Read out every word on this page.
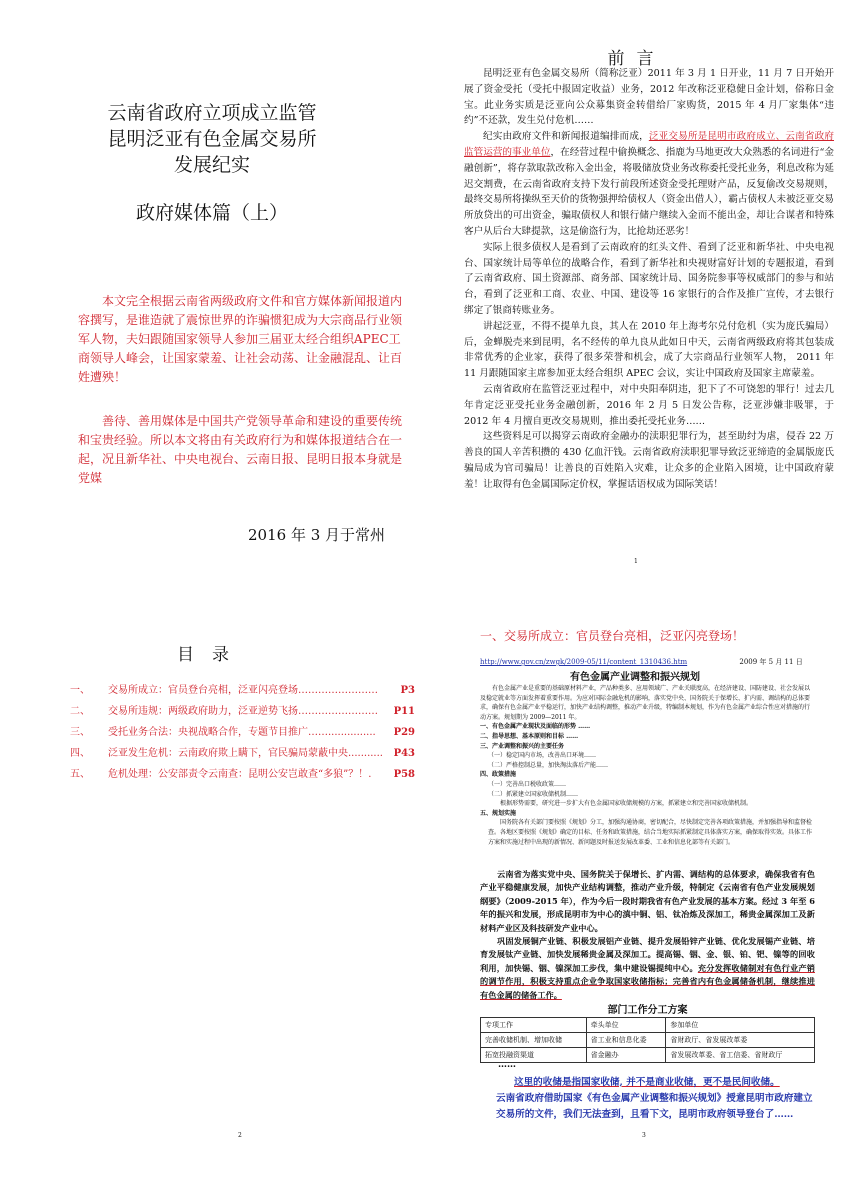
云南省政府立项成立监管
昆明泛亚有色金属交易所
发展纪实
政府媒体篇（上）
本文完全根据云南省两级政府文件和官方媒体新闻报道内容撰写，是谁造就了震惊世界的诈骗惯犯成为大宗商品行业领军人物，夫妇跟随国家领导人参加三届亚太经合组织APEC工商领导人峰会，让国家蒙羞、让社会动荡、让金融混乱、让百姓遭殃！
善待、善用媒体是中国共产党领导革命和建设的重要传统和宝贵经验。所以本文将由有关政府行为和媒体报道结合在一起，况且新华社、中央电视台、云南日报、昆明日报本身就是党媒
2016 年 3 月于常州
前言

昆明泛亚有色金属交易所（简称泛亚）2011 年 3 月 1 日开业，11 月 7 日开始开展了资金受托（受托中报固定收益）业务，2012 年改称泛亚稳健日金计划，俗称日金宝。此业务实质是泛亚向公众募集资金转借给厂家购货，2015 年 4 月厂家集体“违约”不还款，发生兑付危机……

纪实由政府文件和新闻报道编排而成，泛亚交易所是昆明市政府成立、云南省政府监管运营的事业单位，在经营过程中偷换概念、指鹿为马地更改大众熟悉的名词进行“金融创新”，将存款取款改称入金出金，将吸储放贷业务改称委托受托业务，利息改称为延迟交割费，在云南省政府支持下发行前段所述资金受托理财产品，反复偷改交易规则，最终交易所将操纵至天价的货物强押给债权人（资金出借人），霸占债权人未被泛亚交易所放贷出的可出资金，骗取债权人和银行储户继续入金而不能出金，却让合谋者和特殊客户从后台大肆提款，这是偷盗行为，比抢劫还恶劣！

实际上很多债权人是看到了云南政府的红头文件、看到了泛亚和新华社、中央电视台、国家统计局等单位的战略合作，看到了新华社和央视财富好计划的专题报道，看到了云南省政府、国土资源部、商务部、国家统计局、国务院参事等权威部门的参与和站台，看到了泛亚和工商、农业、中国、建设等 16 家银行的合作及推广宣传，才去银行绑定了银商转账业务。

讲起泛亚，不得不提单九良，其人在 2010 年上海考尔兑付危机（实为庞氏骗局）后，金蝉脱壳来到昆明，名不经传的单九良从此如日中天，云南省两级政府将其包装成非常优秀的企业家，获得了很多荣誉和机会，成了大宗商品行业领军人物， 2011 年 11 月跟随国家主席参加亚太经合组织 APEC 会议，实让中国政府及国家主席蒙羞。

云南省政府在监管泛亚过程中，对中央阳奉阴违，犯下了不可饶恕的罪行！过去几年肯定泛亚受托业务金融创新，2016 年 2 月 5 日发公告称，泛亚涉嫌非吸罪，于 2012 年 4 月擅自更改交易规则，推出委托受托业务……

这些资料足可以揭穿云南政府金融办的渎职犯罪行为，甚至助纣为虐，侵吞 22 万善良的国人辛苦积攒的 430 亿血汗钱。云南省政府渎职犯罪导致泛亚缔造的金属版庞氏骗局成为官司骗局！让善良的百姓陷入灾难，让众多的企业陷入困境，让中国政府蒙羞！让取得有色金属国际定价权，掌握话语权成为国际笑话！

1
目录
一、	交易所成立：官员登台亮相，泛亚闪亮登场……………………	P3
二、	交易所违规：两级政府助力，泛亚逆势飞扬……………………	P11
三、	受托业务合法：央视战略合作，专题节目推广……...............	P29
四、	泛亚发生危机：云南政府欺上瞒下，官民骗局蒙蔽中央...........	P43
五、	危机处理：公安部责令云南查：昆明公安岂敢查“多狼”？！.	P58
2
一、交易所成立：官员登台亮相，泛亚闪亮登场！
http://www.gov.cn/zwgk/2009-05/11/content_1310436.htm	2009 年 5 月 11 日
有色金属产业调整和振兴规划

有色金属产业是重要的基础原材料产业，产品种类多、应用领域广、产业关联度高，在经济建设、国防建设、社会发展以及稳定就业等方面发挥着重要作用。为应对国际金融危机的影响，落实党中央、国务院关于保增长、扩内需、调结构的总体要求，确保有色金属产业平稳运行，加快产业结构调整，推动产业升级，特编制本规划，作为有色金属产业综合性应对措施的行动方案。规划期为 2009—2011 年。

一、有色金属产业现状及面临的形势 ……

二、指导思想、基本原则和目标 ……

三、产业调整和振兴的主要任务

（一）稳定国内市场，改善出口环境……

（二）严格控制总量，加快淘汰落后产能……

四、政策措施

（一）完善出口税收政策……

（二）抓紧建立国家收储机制……

根据形势需要，研究进一步扩大有色金属国家收储规模的方案，抓紧建立和完善国家收储机制。

五、规划实施

国务院各有关部门要按照《规划》分工，加强沟通协商，密切配合，尽快制定完善各项政策措施，并加强指导和监督检查。各地区要按照《规划》确定的目标、任务和政策措施，结合当地实际抓紧制定具体落实方案，确保取得实效。具体工作方案和实施过程中出现的新情况、新问题及时报送发展改革委、工业和信息化部等有关部门。

云南省为落实党中央、国务院关于保增长、扩内需、调结构的总体要求，确保我省有色产业平稳健康发展，加快产业结构调整，推动产业升级，特制定《云南省有色产业发展规划纲要》（2009-2015 年），作为今后一段时期我省有色产业发展的基本方案。经过 3 年至 6 年的振兴和发展，形成昆明市为中心的滇中铜、铝、钛冶炼及深加工，稀贵金属深加工及新材料产业区及科技研发产业中心。

巩固发展铜产业链、积极发展铝产业链、提升发展铅锌产业链、优化发展锡产业链、培育发展钛产业链、加快发展稀贵金属及深加工。提高锡、铟、金、银、铂、钯、镍等的回收利用，加快锡、铟、镍深加工步伐，集中建设锡提纯中心。充分发挥收储制对有色行业产销的调节作用，积极支持重点企业争取国家收储指标；完善省内有色金属储备机制，继续推进有色金属的储备工作。

部门工作分工方案
专项工作	牵头单位	参加单位
完善收储机制、增加收储	省工业和信息化委	省财政厅、省发展改革委
拓宽投融资渠道	省金融办	省发展改革委、省工信委、省财政厅
……

这里的收储是指国家收储, 并不是商业收储，更不是民间收储。

云南省政府借助国家《有色金属产业调整和振兴规划》授意昆明市政府建立交易所的文件，我们无法查到，且看下文，昆明市政府领导登台了……

3
